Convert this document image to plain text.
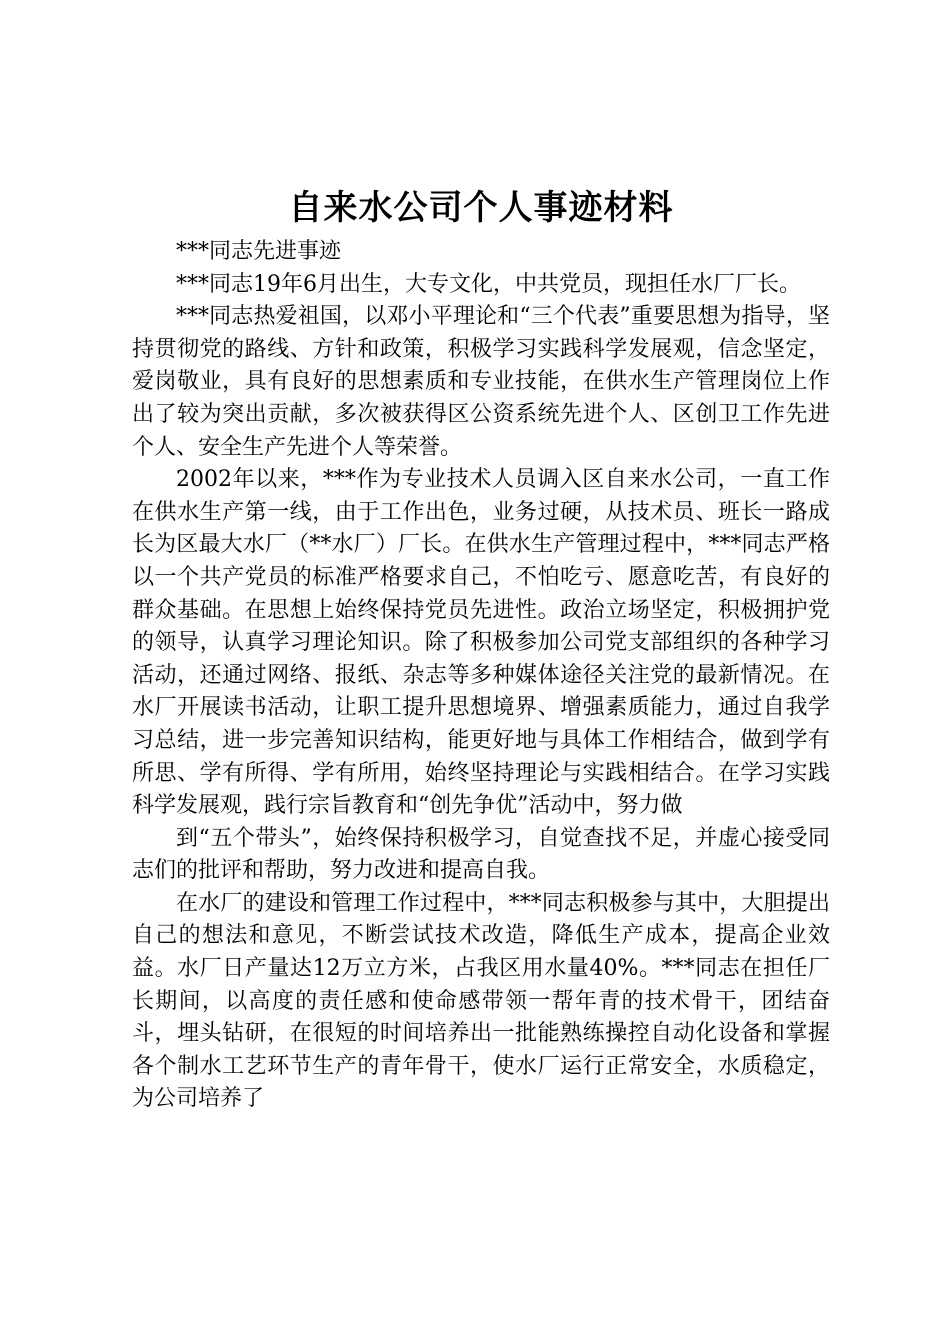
自来水公司个人事迹材料

***同志先进事迹

***同志19年6月出生，大专文化，中共党员，现担任水厂厂长。

***同志热爱祖国，以邓小平理论和“三个代表”重要思想为指导，坚持贯彻党的路线、方针和政策，积极学习实践科学发展观，信念坚定，爱岗敬业，具有良好的思想素质和专业技能，在供水生产管理岗位上作出了较为突出贡献，多次被获得区公资系统先进个人、区创卫工作先进个人、安全生产先进个人等荣誉。

2002年以来，***作为专业技术人员调入区自来水公司，一直工作在供水生产第一线，由于工作出色，业务过硬，从技术员、班长一路成长为区最大水厂（**水厂）厂长。在供水生产管理过程中，***同志严格以一个共产党员的标准严格要求自己，不怕吃亏、愿意吃苦，有良好的群众基础。在思想上始终保持党员先进性。政治立场坚定，积极拥护党的领导，认真学习理论知识。除了积极参加公司党支部组织的各种学习活动，还通过网络、报纸、杂志等多种媒体途径关注党的最新情况。在水厂开展读书活动，让职工提升思想境界、增强素质能力，通过自我学习总结，进一步完善知识结构，能更好地与具体工作相结合，做到学有所思、学有所得、学有所用，始终坚持理论与实践相结合。在学习实践科学发展观，践行宗旨教育和“创先争优”活动中，努力做

到“五个带头”，始终保持积极学习，自觉查找不足，并虚心接受同志们的批评和帮助，努力改进和提高自我。

在水厂的建设和管理工作过程中，***同志积极参与其中，大胆提出自己的想法和意见，不断尝试技术改造，降低生产成本，提高企业效益。水厂日产量达12万立方米，占我区用水量40%。***同志在担任厂长期间，以高度的责任感和使命感带领一帮年青的技术骨干，团结奋斗，埋头钻研，在很短的时间培养出一批能熟练操控自动化设备和掌握各个制水工艺环节生产的青年骨干，使水厂运行正常安全，水质稳定，为公司培养了
